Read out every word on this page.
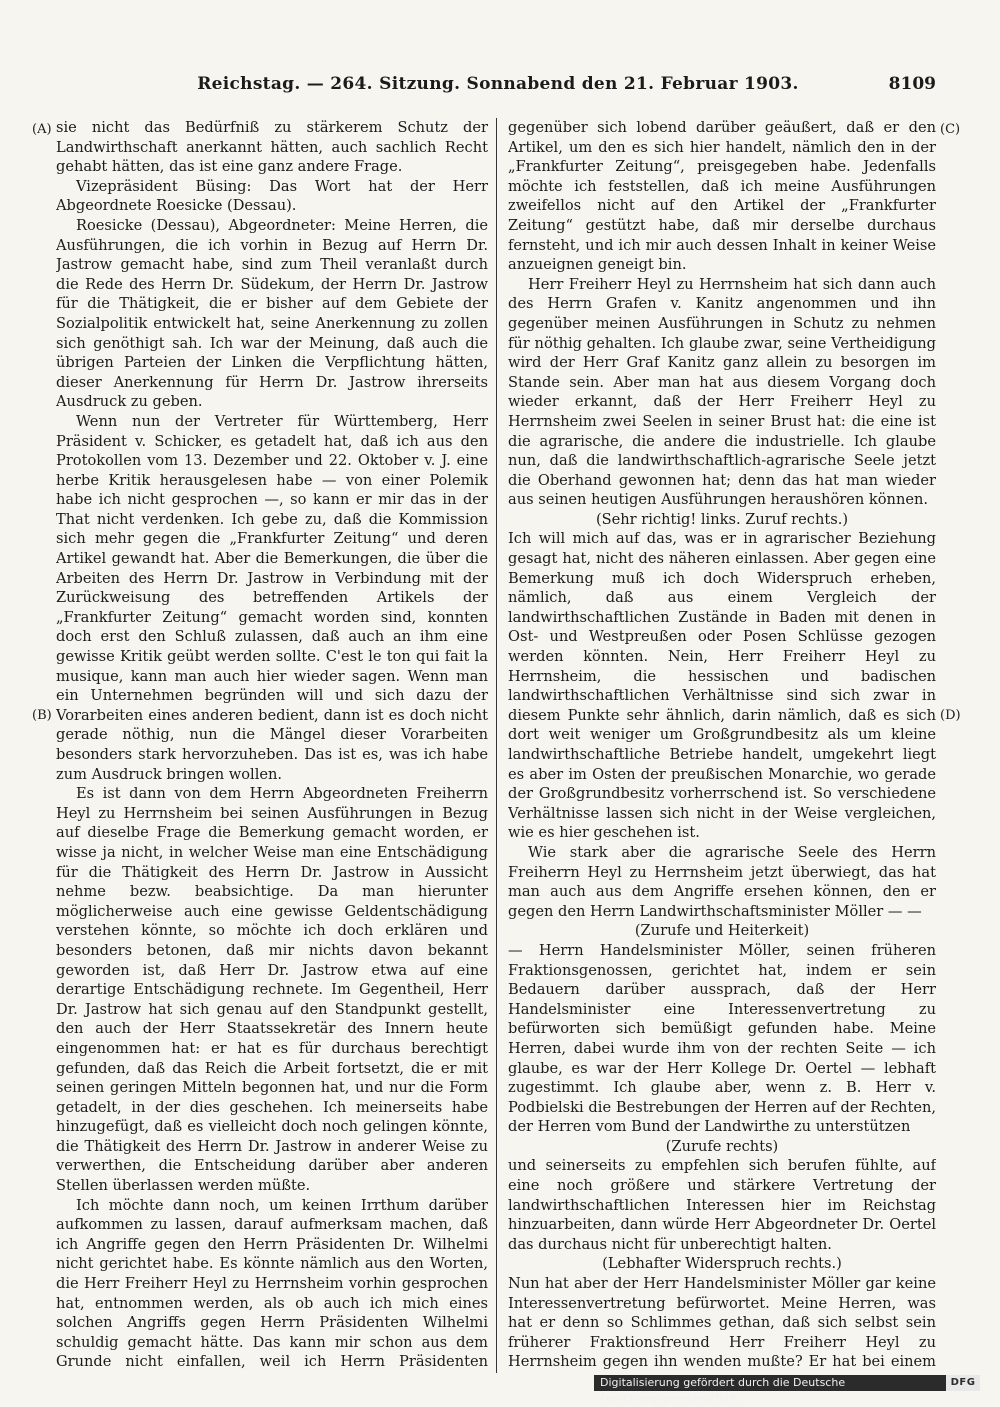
Reichstag. — 264. Sitzung. Sonnabend den 21. Februar 1903.	8109
(A)
(B)
(C)
(D)

sie nicht das Bedürfniß zu stärkerem Schutz der Landwirthschaft anerkannt hätten, auch sachlich Recht gehabt hätten, das ist eine ganz andere Frage.

Vizepräsident Büsing: Das Wort hat der Herr Abgeordnete Roesicke (Dessau).

Roesicke (Dessau), Abgeordneter: Meine Herren, die Ausführungen, die ich vorhin in Bezug auf Herrn Dr. Jastrow gemacht habe, sind zum Theil veranlaßt durch die Rede des Herrn Dr. Südekum, der Herrn Dr. Jastrow für die Thätigkeit, die er bisher auf dem Gebiete der Sozialpolitik entwickelt hat, seine Anerkennung zu zollen sich genöthigt sah. Ich war der Meinung, daß auch die übrigen Parteien der Linken die Verpflichtung hätten, dieser Anerkennung für Herrn Dr. Jastrow ihrerseits Ausdruck zu geben.

Wenn nun der Vertreter für Württemberg, Herr Präsident v. Schicker, es getadelt hat, daß ich aus den Protokollen vom 13. Dezember und 22. Oktober v. J. eine herbe Kritik herausgelesen habe — von einer Polemik habe ich nicht gesprochen —, so kann er mir das in der That nicht verdenken. Ich gebe zu, daß die Kommission sich mehr gegen die „Frankfurter Zeitung“ und deren Artikel gewandt hat. Aber die Bemerkungen, die über die Arbeiten des Herrn Dr. Jastrow in Verbindung mit der Zurückweisung des betreffenden Artikels der „Frankfurter Zeitung“ gemacht worden sind, konnten doch erst den Schluß zulassen, daß auch an ihm eine gewisse Kritik geübt werden sollte. C'est le ton qui fait la musique, kann man auch hier wieder sagen. Wenn man ein Unternehmen begründen will und sich dazu der Vorarbeiten eines anderen bedient, dann ist es doch nicht gerade nöthig, nun die Mängel dieser Vorarbeiten besonders stark hervorzuheben. Das ist es, was ich habe zum Ausdruck bringen wollen.

Es ist dann von dem Herrn Abgeordneten Freiherrn Heyl zu Herrnsheim bei seinen Ausführungen in Bezug auf dieselbe Frage die Bemerkung gemacht worden, er wisse ja nicht, in welcher Weise man eine Entschädigung für die Thätigkeit des Herrn Dr. Jastrow in Aussicht nehme bezw. beabsichtige. Da man hierunter möglicherweise auch eine gewisse Geldentschädigung verstehen könnte, so möchte ich doch erklären und besonders betonen, daß mir nichts davon bekannt geworden ist, daß Herr Dr. Jastrow etwa auf eine derartige Entschädigung rechnete. Im Gegentheil, Herr Dr. Jastrow hat sich genau auf den Standpunkt gestellt, den auch der Herr Staatssekretär des Innern heute eingenommen hat: er hat es für durchaus berechtigt gefunden, daß das Reich die Arbeit fortsetzt, die er mit seinen geringen Mitteln begonnen hat, und nur die Form getadelt, in der dies geschehen. Ich meinerseits habe hinzugefügt, daß es vielleicht doch noch gelingen könnte, die Thätigkeit des Herrn Dr. Jastrow in anderer Weise zu verwerthen, die Entscheidung darüber aber anderen Stellen überlassen werden müßte.

Ich möchte dann noch, um keinen Irrthum darüber aufkommen zu lassen, darauf aufmerksam machen, daß ich Angriffe gegen den Herrn Präsidenten Dr. Wilhelmi nicht gerichtet habe. Es könnte nämlich aus den Worten, die Herr Freiherr Heyl zu Herrnsheim vorhin gesprochen hat, entnommen werden, als ob auch ich mich eines solchen Angriffs gegen Herrn Präsidenten Wilhelmi schuldig gemacht hätte. Das kann mir schon aus dem Grunde nicht einfallen, weil ich Herrn Präsidenten

gegenüber sich lobend darüber geäußert, daß er den Artikel, um den es sich hier handelt, nämlich den in der „Frankfurter Zeitung“, preisgegeben habe. Jedenfalls möchte ich feststellen, daß ich meine Ausführungen zweifellos nicht auf den Artikel der „Frankfurter Zeitung“ gestützt habe, daß mir derselbe durchaus fernsteht, und ich mir auch dessen Inhalt in keiner Weise anzueignen geneigt bin.

Herr Freiherr Heyl zu Herrnsheim hat sich dann auch des Herrn Grafen v. Kanitz angenommen und ihn gegenüber meinen Ausführungen in Schutz zu nehmen für nöthig gehalten. Ich glaube zwar, seine Vertheidigung wird der Herr Graf Kanitz ganz allein zu besorgen im Stande sein. Aber man hat aus diesem Vorgang doch wieder erkannt, daß der Herr Freiherr Heyl zu Herrnsheim zwei Seelen in seiner Brust hat: die eine ist die agrarische, die andere die industrielle. Ich glaube nun, daß die landwirthschaftlich-agrarische Seele jetzt die Oberhand gewonnen hat; denn das hat man wieder aus seinen heutigen Ausführungen heraushören können.

(Sehr richtig! links. Zuruf rechts.)

Ich will mich auf das, was er in agrarischer Beziehung gesagt hat, nicht des näheren einlassen. Aber gegen eine Bemerkung muß ich doch Widerspruch erheben, nämlich, daß aus einem Vergleich der landwirthschaftlichen Zustände in Baden mit denen in Ost- und Westpreußen oder Posen Schlüsse gezogen werden könnten. Nein, Herr Freiherr Heyl zu Herrnsheim, die hessischen und badischen landwirthschaftlichen Verhältnisse sind sich zwar in diesem Punkte sehr ähnlich, darin nämlich, daß es sich dort weit weniger um Großgrundbesitz als um kleine landwirthschaftliche Betriebe handelt, umgekehrt liegt es aber im Osten der preußischen Monarchie, wo gerade der Großgrundbesitz vorherrschend ist. So verschiedene Verhältnisse lassen sich nicht in der Weise vergleichen, wie es hier geschehen ist.

Wie stark aber die agrarische Seele des Herrn Freiherrn Heyl zu Herrnsheim jetzt überwiegt, das hat man auch aus dem Angriffe ersehen können, den er gegen den Herrn Landwirthschaftsminister Möller — —

(Zurufe und Heiterkeit)

— Herrn Handelsminister Möller, seinen früheren Fraktionsgenossen, gerichtet hat, indem er sein Bedauern darüber aussprach, daß der Herr Handelsminister eine Interessenvertretung zu befürworten sich bemüßigt gefunden habe. Meine Herren, dabei wurde ihm von der rechten Seite — ich glaube, es war der Herr Kollege Dr. Oertel — lebhaft zugestimmt. Ich glaube aber, wenn z. B. Herr v. Podbielski die Bestrebungen der Herren auf der Rechten, der Herren vom Bund der Landwirthe zu unterstützen

(Zurufe rechts)

und seinerseits zu empfehlen sich berufen fühlte, auf eine noch größere und stärkere Vertretung der landwirthschaftlichen Interessen hier im Reichstag hinzuarbeiten, dann würde Herr Abgeordneter Dr. Oertel das durchaus nicht für unberechtigt halten.

(Lebhafter Widerspruch rechts.)

Nun hat aber der Herr Handelsminister Möller gar keine Interessenvertretung befürwortet. Meine Herren, was hat er denn so Schlimmes gethan, daß sich selbst sein früherer Fraktionsfreund Herr Freiherr Heyl zu Herrnsheim gegen ihn wenden mußte? Er hat bei einem

Digitalisierung gefördert durch die Deutsche Forschungsgemeinschaft
DFG
